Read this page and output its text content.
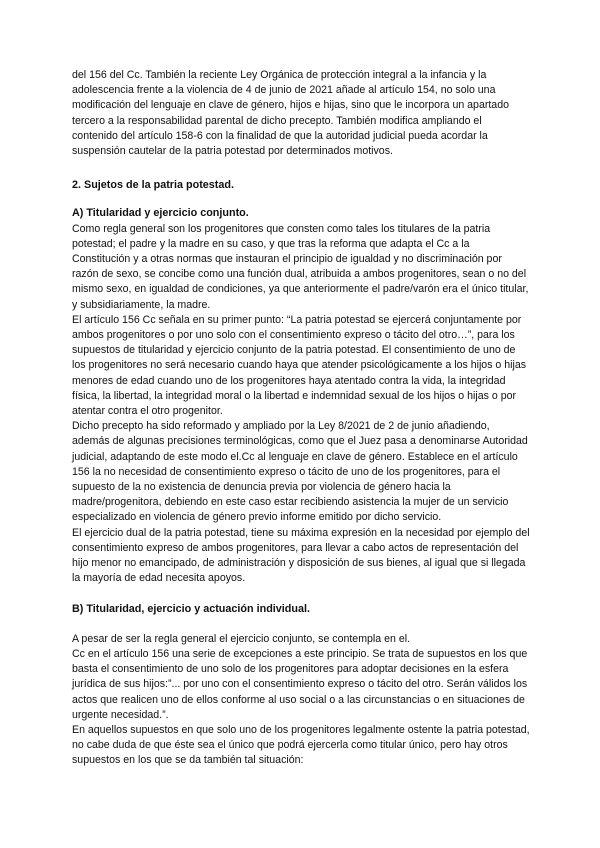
del 156 del Cc. También la reciente Ley Orgánica de protección integral a la infancia y la adolescencia frente a la violencia de 4 de junio de 2021 añade al artículo 154, no solo una modificación del lenguaje en clave de género, hijos e hijas, sino que le incorpora un apartado tercero a la responsabilidad parental de dicho precepto. También modifica ampliando el contenido del artículo 158-6 con la finalidad de que la autoridad judicial pueda acordar la suspensión cautelar de la patria potestad por determinados motivos.

2. Sujetos de la patria potestad.
A) Titularidad y ejercicio conjunto.

Como regla general son los progenitores que consten como tales los titulares de la patria potestad; el padre y la madre en su caso, y que tras la reforma que adapta el Cc a la Constitución y a otras normas que instauran el principio de igualdad y no discriminación por razón de sexo, se concibe como una función dual, atribuida a ambos progenitores, sean o no del mismo sexo, en igualdad de condiciones, ya que anteriormente el padre/varón era el único titular, y subsidiariamente, la madre.

El artículo 156 Cc señala en su primer punto: “La patria potestad se ejercerá conjuntamente por ambos progenitores o por uno solo con el consentimiento expreso o tácito del otro…”, para los supuestos de titularidad y ejercicio conjunto de la patria potestad. El consentimiento de uno de los progenitores no será necesario cuando haya que atender psicológicamente a los hijos o hijas menores de edad cuando uno de los progenitores haya atentado contra la vida, la integridad física, la libertad, la integridad moral o la libertad e indemnidad sexual de los hijos o hijas o por atentar contra el otro progenitor.

Dicho precepto ha sido reformado y ampliado por la Ley 8/2021 de 2 de junio añadiendo, además de algunas precisiones terminológicas, como que el Juez pasa a denominarse Autoridad judicial, adaptando de este modo el.Cc al lenguaje en clave de género. Establece en el artículo 156 la no necesidad de consentimiento expreso o tácito de uno de los progenitores, para el supuesto de la no existencia de denuncia previa por violencia de género hacia la madre/progenitora, debiendo en este caso estar recibiendo asistencia la mujer de un servicio especializado en violencia de género previo informe emitido por dicho servicio.

El ejercicio dual de la patria potestad, tiene su máxima expresión en la necesidad por ejemplo del consentimiento expreso de ambos progenitores, para llevar a cabo actos de representación del hijo menor no emancipado, de administración y disposición de sus bienes, al igual que si llegada la mayoría de edad necesita apoyos.

B) Titularidad, ejercicio y actuación individual.

A pesar de ser la regla general el ejercicio conjunto, se contempla en el.

Cc en el artículo 156 una serie de excepciones a este principio. Se trata de supuestos en los que basta el consentimiento de uno solo de los progenitores para adoptar decisiones en la esfera jurídica de sus hijos:”... por uno con el consentimiento expreso o tácito del otro. Serán válidos los actos que realicen uno de ellos conforme al uso social o a las circunstancias o en situaciones de urgente necesidad.”.

En aquellos supuestos en que solo uno de los progenitores legalmente ostente la patria potestad, no cabe duda de que éste sea el único que podrá ejercerla como titular único, pero hay otros supuestos en los que se da también tal situación:
